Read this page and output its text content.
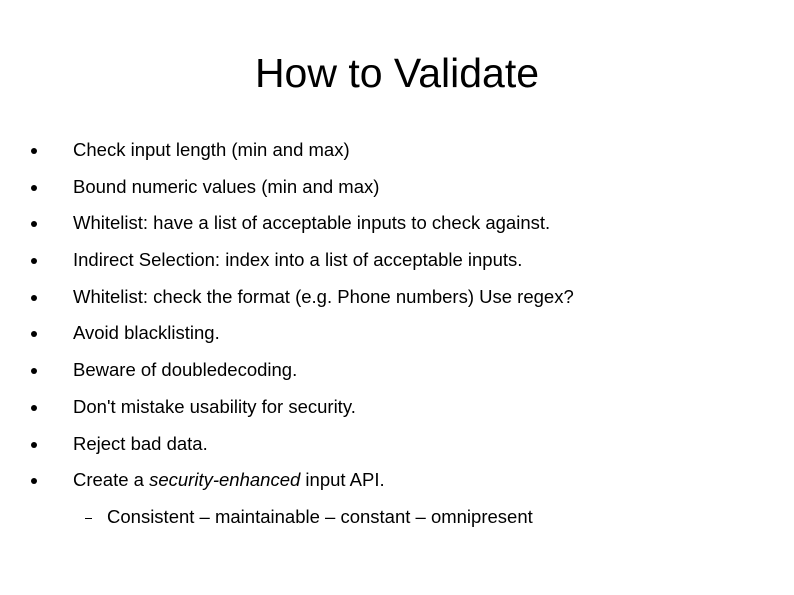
How to Validate
Check input length (min and max)
Bound numeric values (min and max)
Whitelist: have a list of acceptable inputs to check against.
Indirect Selection: index into a list of acceptable inputs.
Whitelist: check the format (e.g. Phone numbers) Use regex?
Avoid blacklisting.
Beware of doubledecoding.
Don't mistake usability for security.
Reject bad data.
Create a security-enhanced input API.
Consistent – maintainable – constant – omnipresent
